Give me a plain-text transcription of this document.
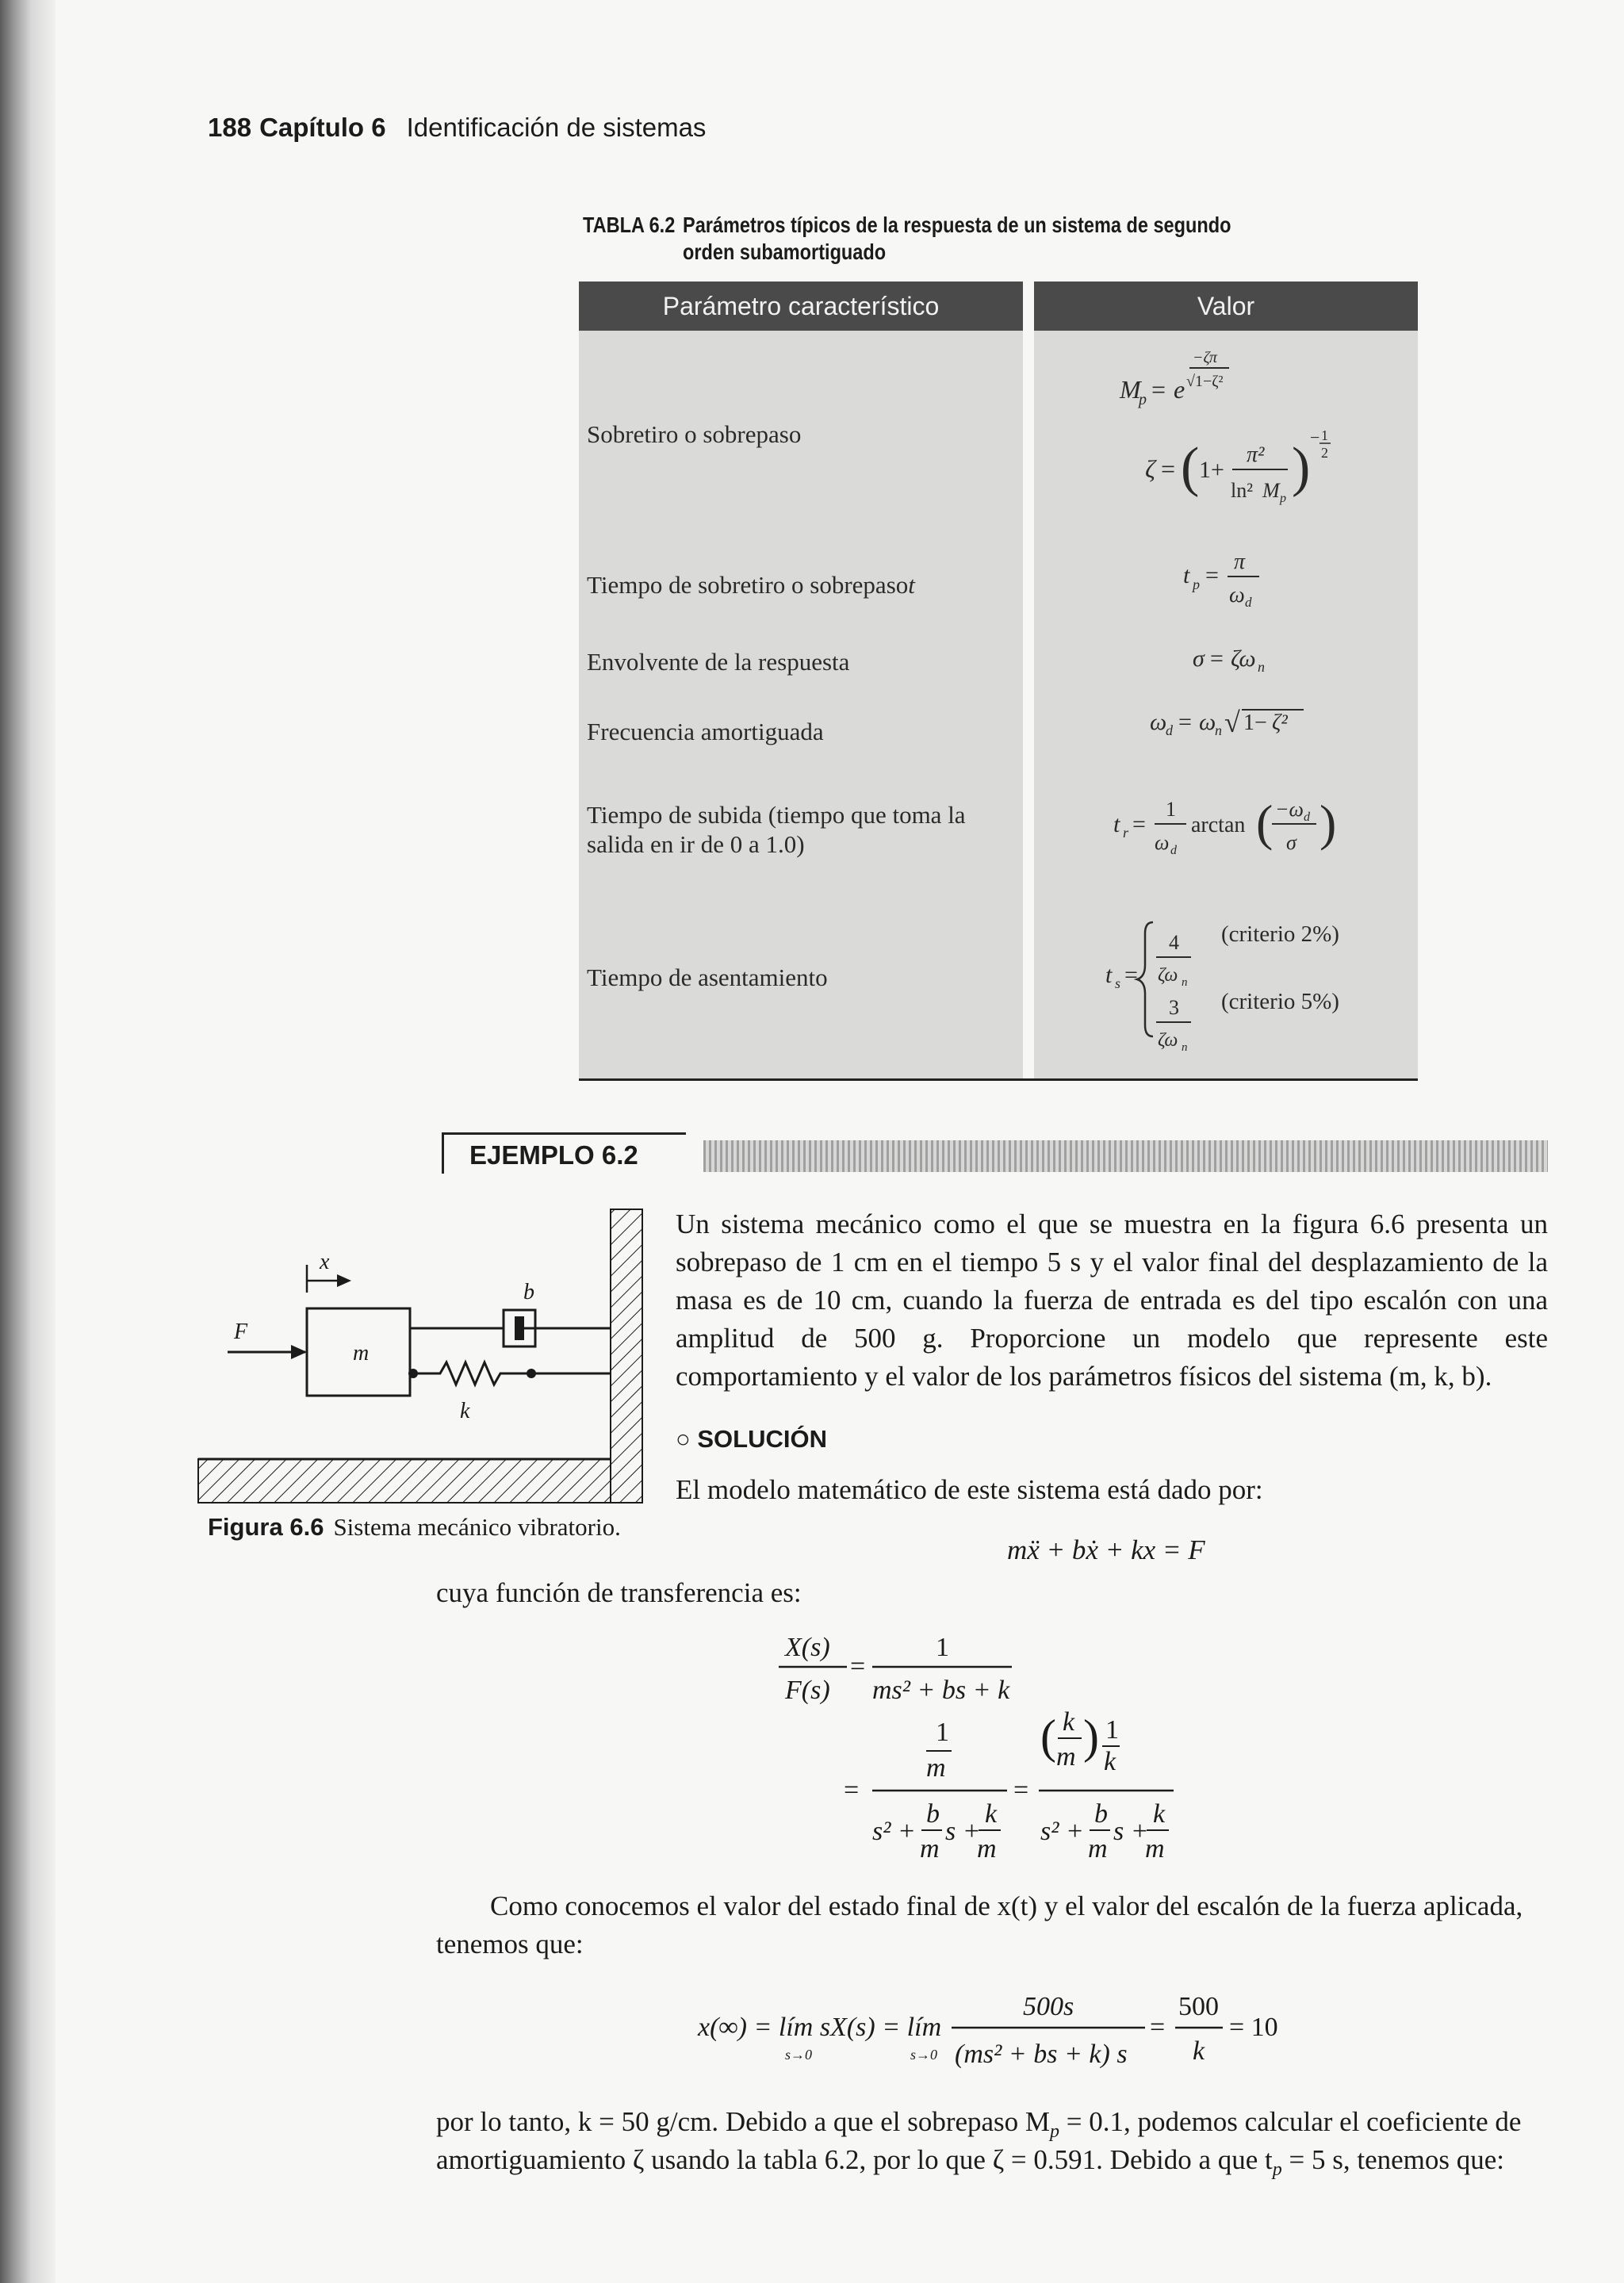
188 Capítulo 6 Identificación de sistemas
TABLA 6.2 Parámetros típicos de la respuesta de un sistema de segundo
orden subamortiguado
Parámetro característico	Valor
Sobretiro o sobrepaso
Tiempo de sobretiro o sobrepasot
Envolvente de la respuesta
Frecuencia amortiguada
Tiempo de subida (tiempo que toma la
salida en ir de 0 a 1.0)
Tiempo de asentamiento
M
p = e
−ζπ
√1−ζ²
ζ = ( 1+
π²
ln² M p
) − 1
2
t p =
π
ω d
σ = ζω n
ω
d = ω
n √ 1− ζ²
t r =
1
ω d
arctan ( −ω d
σ )
t s =
4
ζω n
3
ζω n
(criterio 2%)
(criterio 5%)
EJEMPLO 6.2
m
F
x
b
k
Un sistema mecánico como el que se muestra en la figura 6.6 presenta un sobrepaso de 1 cm en el tiempo 5 s y el valor final del desplazamiento de la masa es de 10 cm, cuando la fuerza de entrada es del tipo escalón con una amplitud de 500 g. Proporcione un modelo que represente este comportamiento y el valor de los parámetros físicos del sistema (m, k, b).
○ SOLUCIÓN
El modelo matemático de este sistema está dado por:
Figura 6.6 Sistema mecánico vibratorio.
mẍ + bẋ + kx = F
cuya función de transferencia es:
X(s)
F(s)
=
1
ms² + bs + k
1
m
=
s² +
b
m
s +
k
m
=
( k
m ) 1
k
s² +
b
m
s +
k
m
Como conocemos el valor del estado final de x(t) y el valor del escalón de la fuerza aplicada,
tenemos que:
x(∞) = lím sX(s) = lím
s→0	s→0
500s
(ms² + bs + k) s
=
500
k
= 10
por lo tanto, k = 50 g/cm. Debido a que el sobrepaso $M_p = 0.1$, podemos calcular el coeficiente de
amortiguamiento ζ usando la tabla 6.2, por lo que ζ = 0.591. Debido a que $t_p = 5$ s, tenemos que:
